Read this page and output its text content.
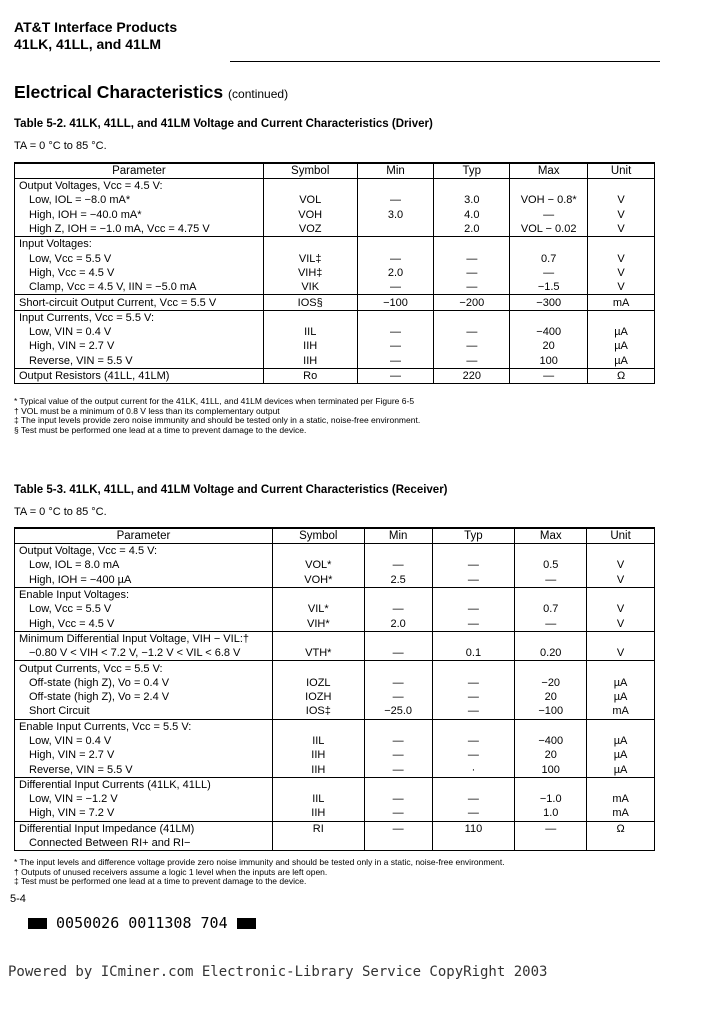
AT&T Interface Products
41LK, 41LL, and 41LM
Electrical Characteristics (continued)
Table 5-2. 41LK, 41LL, and 41LM Voltage and Current Characteristics (Driver)
TA = 0 °C to 85 °C.
Parameter	Symbol	Min	Typ	Max	Unit
Output Voltages, Vcc = 4.5 V:					
Low, IOL = −8.0 mA*	VOL	—	3.0	VOH − 0.8*	V
High, IOH = −40.0 mA*	VOH	3.0	4.0	—	V
High Z, IOH = −1.0 mA, Vcc = 4.75 V	VOZ		2.0	VOL − 0.02	V
Input Voltages:					
Low, Vcc = 5.5 V	VIL‡	—	—	0.7	V
High, Vcc = 4.5 V	VIH‡	2.0	—	—	V
Clamp, Vcc = 4.5 V, IIN = −5.0 mA	VIK	—	—	−1.5	V
Short-circuit Output Current, Vcc = 5.5 V	IOS§	−100	−200	−300	mA
Input Currents, Vcc = 5.5 V:					
Low, VIN = 0.4 V	IIL	—	—	−400	µA
High, VIN = 2.7 V	IIH	—	—	20	µA
Reverse, VIN = 5.5 V	IIH	—	—	100	µA
Output Resistors (41LL, 41LM)	Ro	—	220	—	Ω
* Typical value of the output current for the 41LK, 41LL, and 41LM devices when terminated per Figure 6-5
† VOL must be a minimum of 0.8 V less than its complementary output
‡ The input levels provide zero noise immunity and should be tested only in a static, noise-free environment.
§ Test must be performed one lead at a time to prevent damage to the device.
Table 5-3. 41LK, 41LL, and 41LM Voltage and Current Characteristics (Receiver)
TA = 0 °C to 85 °C.
Parameter	Symbol	Min	Typ	Max	Unit
Output Voltage, Vcc = 4.5 V:					
Low, IOL = 8.0 mA	VOL*	—	—	0.5	V
High, IOH = −400 µA	VOH*	2.5	—	—	V
Enable Input Voltages:					
Low, Vcc = 5.5 V	VIL*	—	—	0.7	V
High, Vcc = 4.5 V	VIH*	2.0	—	—	V
Minimum Differential Input Voltage, VIH − VIL:†					
−0.80 V < VIH < 7.2 V, −1.2 V < VIL < 6.8 V	VTH*	—	0.1	0.20	V
Output Currents, Vcc = 5.5 V:					
Off-state (high Z), Vo = 0.4 V	IOZL	—	—	−20	µA
Off-state (high Z), Vo = 2.4 V	IOZH	—	—	20	µA
Short Circuit	IOS‡	−25.0	—	−100	mA
Enable Input Currents, Vcc = 5.5 V:					
Low, VIN = 0.4 V	IIL	—	—	−400	µA
High, VIN = 2.7 V	IIH	—	—	20	µA
Reverse, VIN = 5.5 V	IIH	—	·	100	µA
Differential Input Currents (41LK, 41LL)					
Low, VIN = −1.2 V	IIL	—	—	−1.0	mA
High, VIN = 7.2 V	IIH	—	—	1.0	mA
Differential Input Impedance (41LM)	RI	—	110	—	Ω
Connected Between RI+ and RI−					
* The input levels and difference voltage provide zero noise immunity and should be tested only in a static, noise-free environment.
† Outputs of unused receivers assume a logic 1 level when the inputs are left open.
‡ Test must be performed one lead at a time to prevent damage to the device.
5-4
0050026 0011308 704
Powered by ICminer.com Electronic-Library Service CopyRight 2003
